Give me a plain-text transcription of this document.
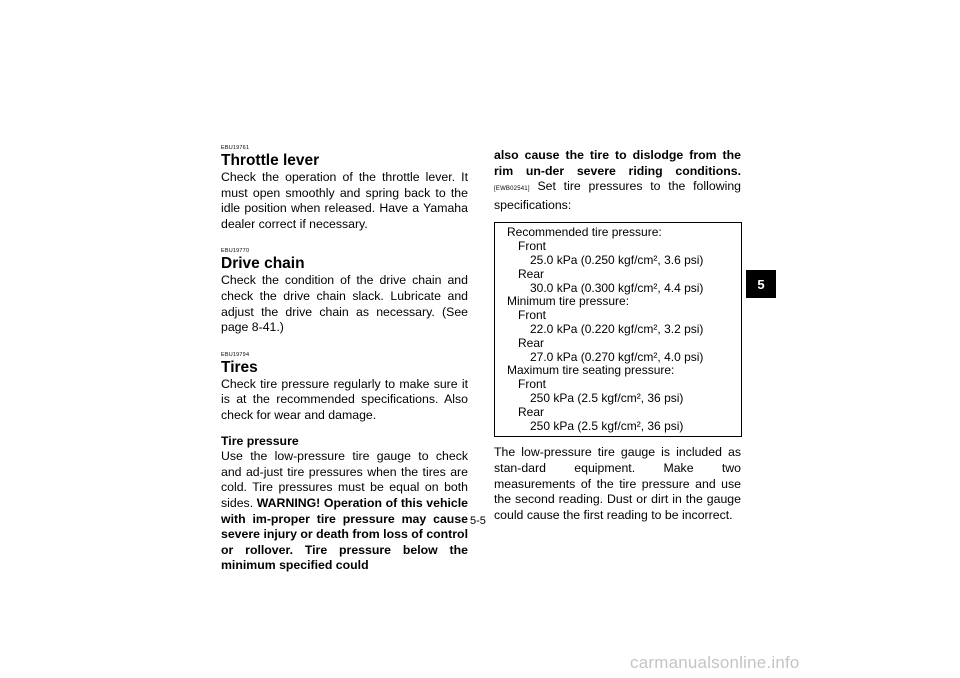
EBU19761

Throttle lever

Check the operation of the throttle lever. It must open smoothly and spring back to the idle position when released. Have a Yamaha dealer correct if necessary.

EBU19770

Drive chain

Check the condition of the drive chain and check the drive chain slack. Lubricate and adjust the drive chain as necessary. (See page 8-41.)

EBU19794

Tires

Check tire pressure regularly to make sure it is at the recommended specifications. Also check for wear and damage.

Tire pressure

Use the low-pressure tire gauge to check and ad-just tire pressures when the tires are cold. Tire pressures must be equal on both sides. WARNING! Operation of this vehicle with im-proper tire pressure may cause severe injury or death from loss of control or rollover. Tire pressure below the minimum specified could

also cause the tire to dislodge from the rim un-der severe riding conditions. [EWB02541] Set tire pressures to the following specifications:

Recommended tire pressure:
Front
25.0 kPa (0.250 kgf/cm², 3.6 psi)
Rear
30.0 kPa (0.300 kgf/cm², 4.4 psi)
Minimum tire pressure:
Front
22.0 kPa (0.220 kgf/cm², 3.2 psi)
Rear
27.0 kPa (0.270 kgf/cm², 4.0 psi)
Maximum tire seating pressure:
Front
250 kPa (2.5 kgf/cm², 36 psi)
Rear
250 kPa (2.5 kgf/cm², 36 psi)

The low-pressure tire gauge is included as stan-dard equipment. Make two measurements of the tire pressure and use the second reading. Dust or dirt in the gauge could cause the first reading to be incorrect.

5
5-5
carmanualsonline.info
